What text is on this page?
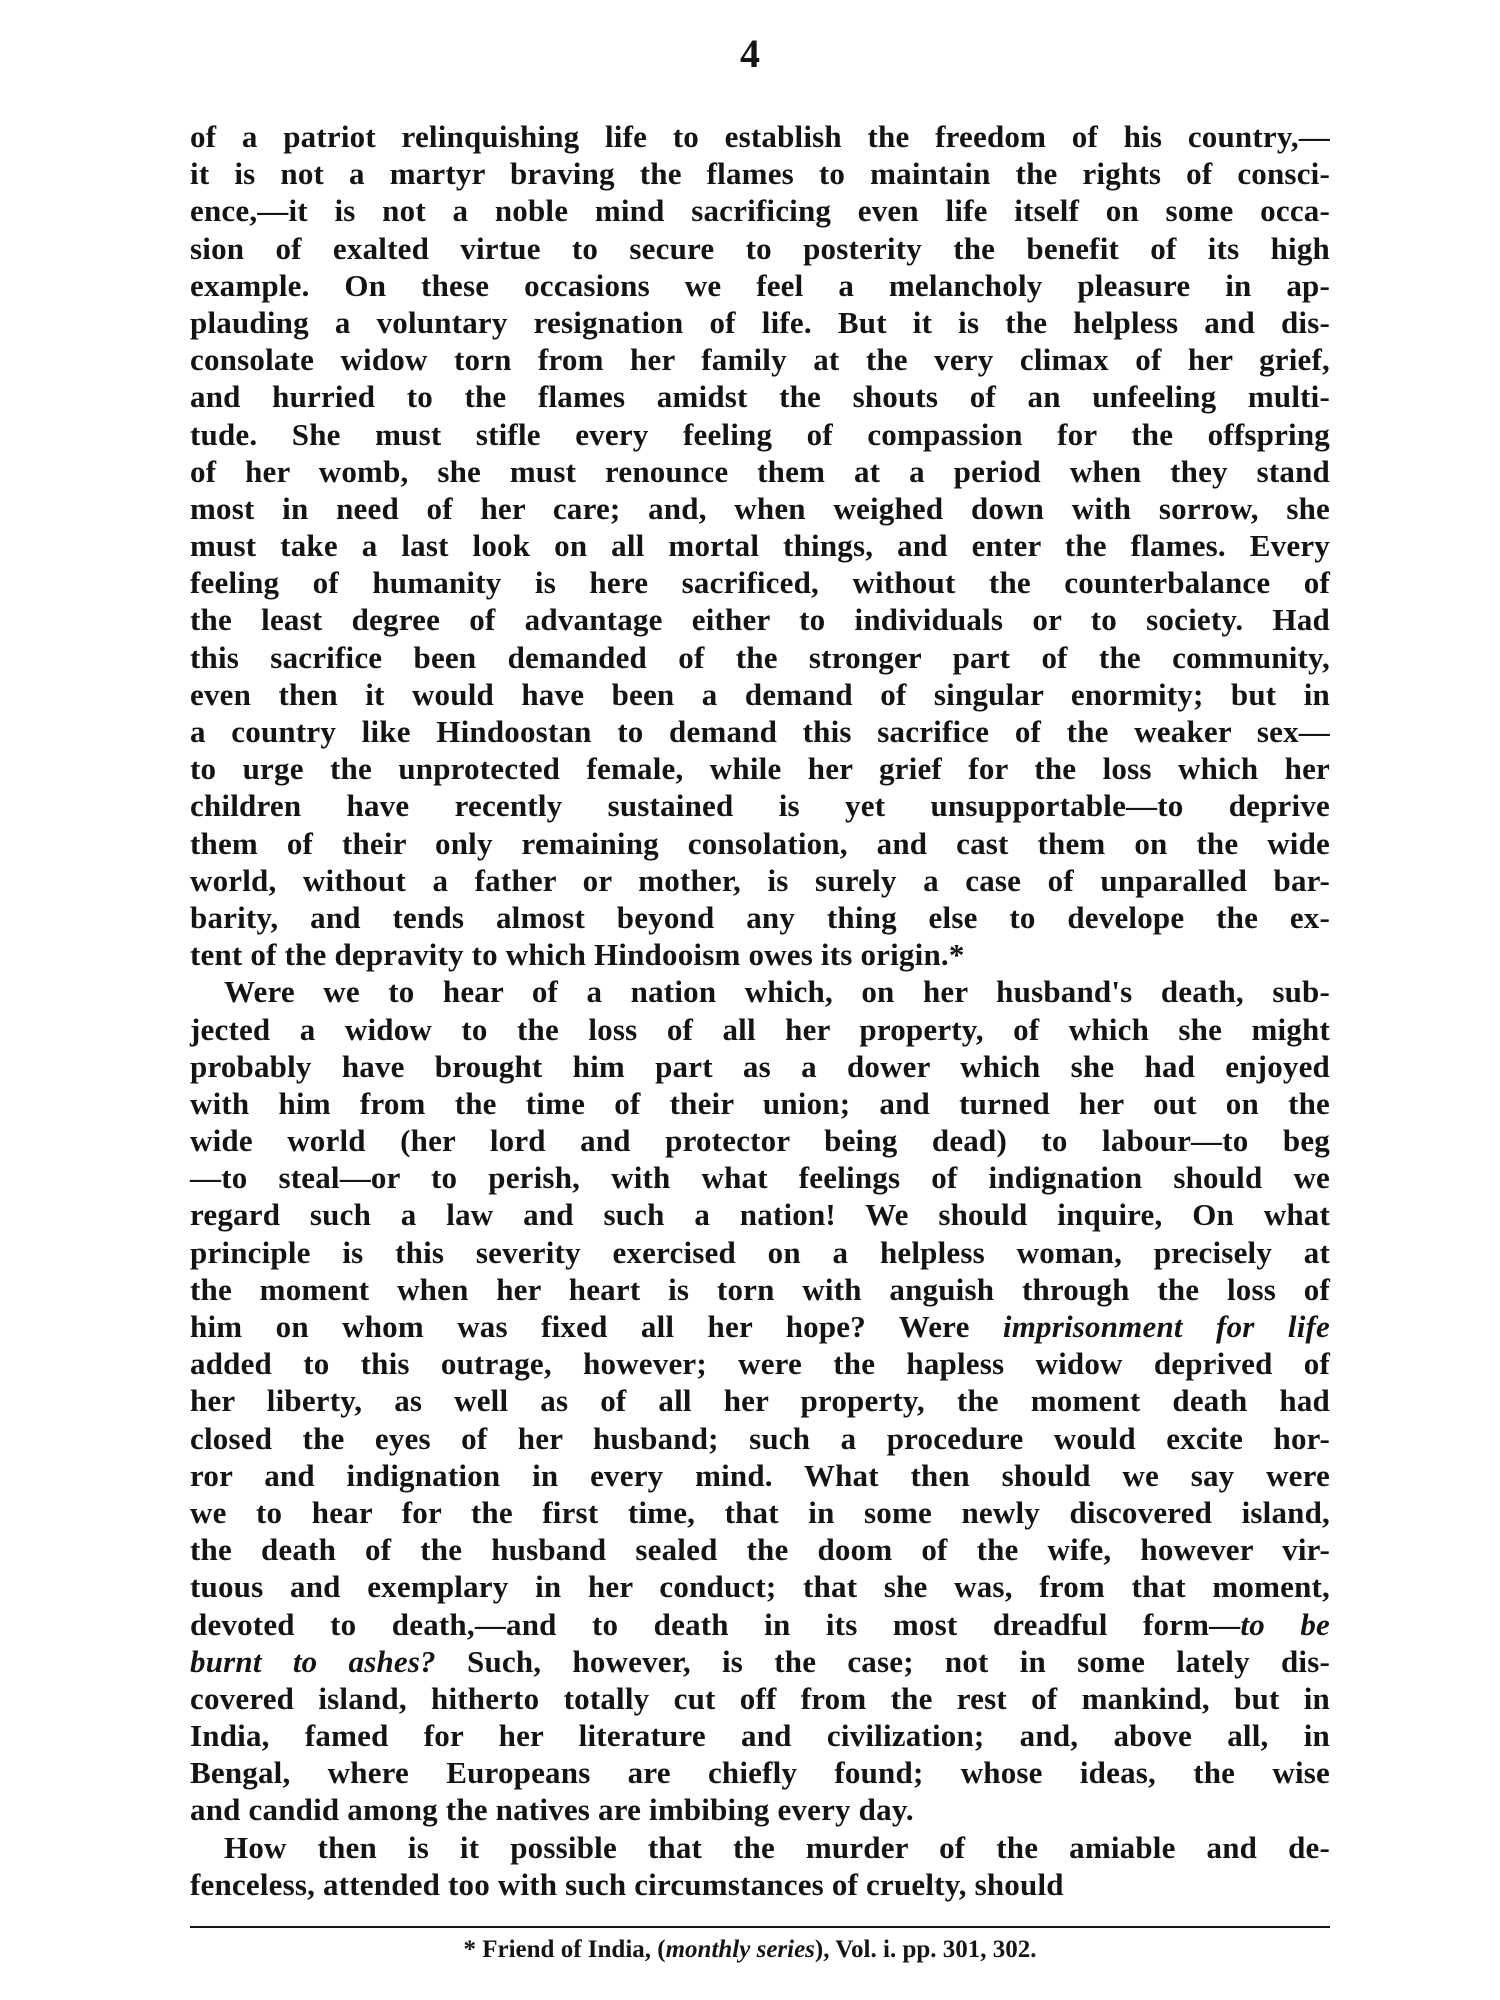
4
of a patriot relinquishing life to establish the freedom of his country,—
it is not a martyr braving the flames to maintain the rights of consci-
ence,—it is not a noble mind sacrificing even life itself on some occa-
sion of exalted virtue to secure to posterity the benefit of its high
example. On these occasions we feel a melancholy pleasure in ap-
plauding a voluntary resignation of life. But it is the helpless and dis-
consolate widow torn from her family at the very climax of her grief,
and hurried to the flames amidst the shouts of an unfeeling multi-
tude. She must stifle every feeling of compassion for the offspring
of her womb, she must renounce them at a period when they stand
most in need of her care; and, when weighed down with sorrow, she
must take a last look on all mortal things, and enter the flames. Every
feeling of humanity is here sacrificed, without the counterbalance of
the least degree of advantage either to individuals or to society. Had
this sacrifice been demanded of the stronger part of the community,
even then it would have been a demand of singular enormity; but in
a country like Hindoostan to demand this sacrifice of the weaker sex—
to urge the unprotected female, while her grief for the loss which her
children have recently sustained is yet unsupportable—to deprive
them of their only remaining consolation, and cast them on the wide
world, without a father or mother, is surely a case of unparalled bar-
barity, and tends almost beyond any thing else to develope the ex-
tent of the depravity to which Hindooism owes its origin.*
Were we to hear of a nation which, on her husband's death, sub-
jected a widow to the loss of all her property, of which she might
probably have brought him part as a dower which she had enjoyed
with him from the time of their union; and turned her out on the
wide world (her lord and protector being dead) to labour—to beg
—to steal—or to perish, with what feelings of indignation should we
regard such a law and such a nation! We should inquire, On what
principle is this severity exercised on a helpless woman, precisely at
the moment when her heart is torn with anguish through the loss of
him on whom was fixed all her hope? Were imprisonment for life
added to this outrage, however; were the hapless widow deprived of
her liberty, as well as of all her property, the moment death had
closed the eyes of her husband; such a procedure would excite hor-
ror and indignation in every mind. What then should we say were
we to hear for the first time, that in some newly discovered island,
the death of the husband sealed the doom of the wife, however vir-
tuous and exemplary in her conduct; that she was, from that moment,
devoted to death,—and to death in its most dreadful form—to be
burnt to ashes? Such, however, is the case; not in some lately dis-
covered island, hitherto totally cut off from the rest of mankind, but in
India, famed for her literature and civilization; and, above all, in
Bengal, where Europeans are chiefly found; whose ideas, the wise
and candid among the natives are imbibing every day.
How then is it possible that the murder of the amiable and de-
fenceless, attended too with such circumstances of cruelty, should
* Friend of India, (monthly series), Vol. i. pp. 301, 302.
